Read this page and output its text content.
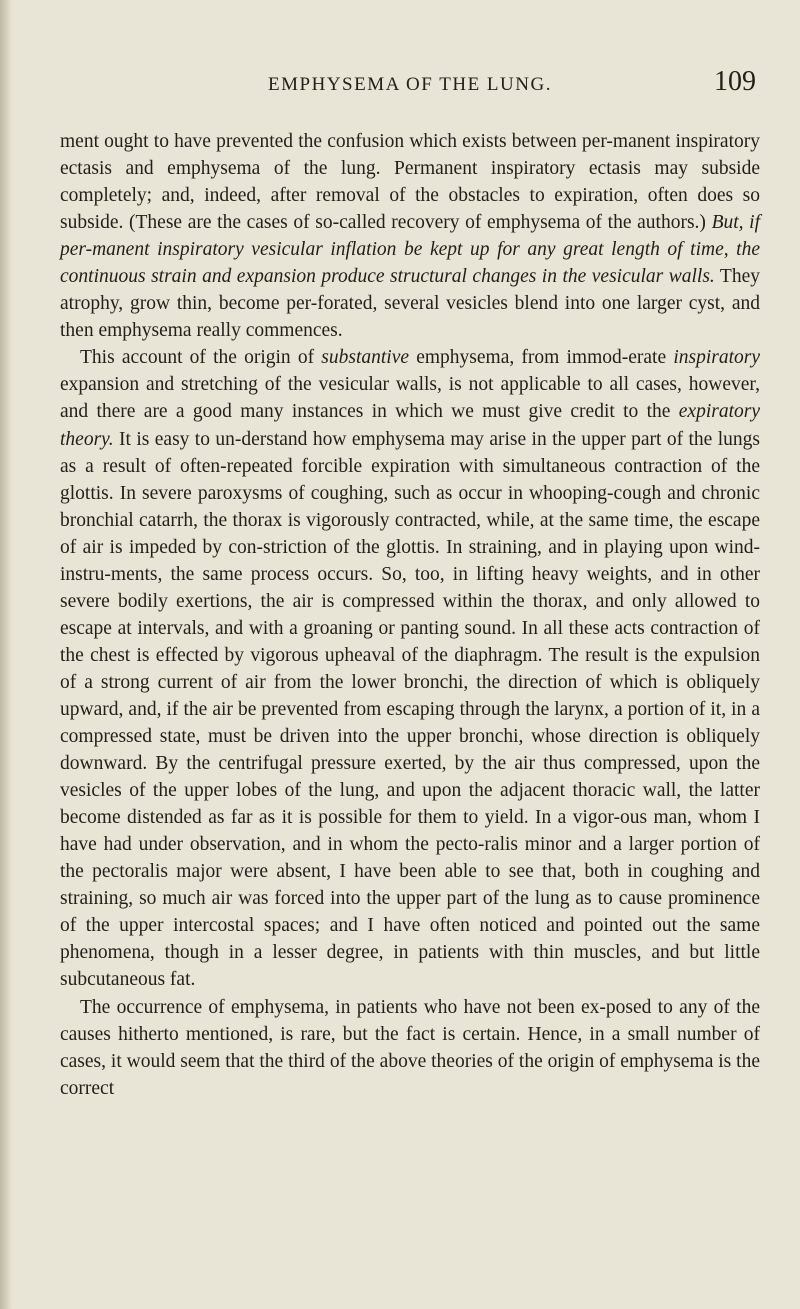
EMPHYSEMA OF THE LUNG.	109

ment ought to have prevented the confusion which exists between per-manent inspiratory ectasis and emphysema of the lung. Permanent inspiratory ectasis may subside completely; and, indeed, after removal of the obstacles to expiration, often does so subside. (These are the cases of so-called recovery of emphysema of the authors.) But, if per-manent inspiratory vesicular inflation be kept up for any great length of time, the continuous strain and expansion produce structural changes in the vesicular walls. They atrophy, grow thin, become per-forated, several vesicles blend into one larger cyst, and then emphysema really commences.

This account of the origin of substantive emphysema, from immod-erate inspiratory expansion and stretching of the vesicular walls, is not applicable to all cases, however, and there are a good many instances in which we must give credit to the expiratory theory. It is easy to un-derstand how emphysema may arise in the upper part of the lungs as a result of often-repeated forcible expiration with simultaneous contraction of the glottis. In severe paroxysms of coughing, such as occur in whooping-cough and chronic bronchial catarrh, the thorax is vigorously contracted, while, at the same time, the escape of air is impeded by con-striction of the glottis. In straining, and in playing upon wind-instru-ments, the same process occurs. So, too, in lifting heavy weights, and in other severe bodily exertions, the air is compressed within the thorax, and only allowed to escape at intervals, and with a groaning or panting sound. In all these acts contraction of the chest is effected by vigorous upheaval of the diaphragm. The result is the expulsion of a strong current of air from the lower bronchi, the direction of which is obliquely upward, and, if the air be prevented from escaping through the larynx, a portion of it, in a compressed state, must be driven into the upper bronchi, whose direction is obliquely downward. By the centrifugal pressure exerted, by the air thus compressed, upon the vesicles of the upper lobes of the lung, and upon the adjacent thoracic wall, the latter become distended as far as it is possible for them to yield. In a vigor-ous man, whom I have had under observation, and in whom the pecto-ralis minor and a larger portion of the pectoralis major were absent, I have been able to see that, both in coughing and straining, so much air was forced into the upper part of the lung as to cause prominence of the upper intercostal spaces; and I have often noticed and pointed out the same phenomena, though in a lesser degree, in patients with thin muscles, and but little subcutaneous fat.

The occurrence of emphysema, in patients who have not been ex-posed to any of the causes hitherto mentioned, is rare, but the fact is certain. Hence, in a small number of cases, it would seem that the third of the above theories of the origin of emphysema is the correct
